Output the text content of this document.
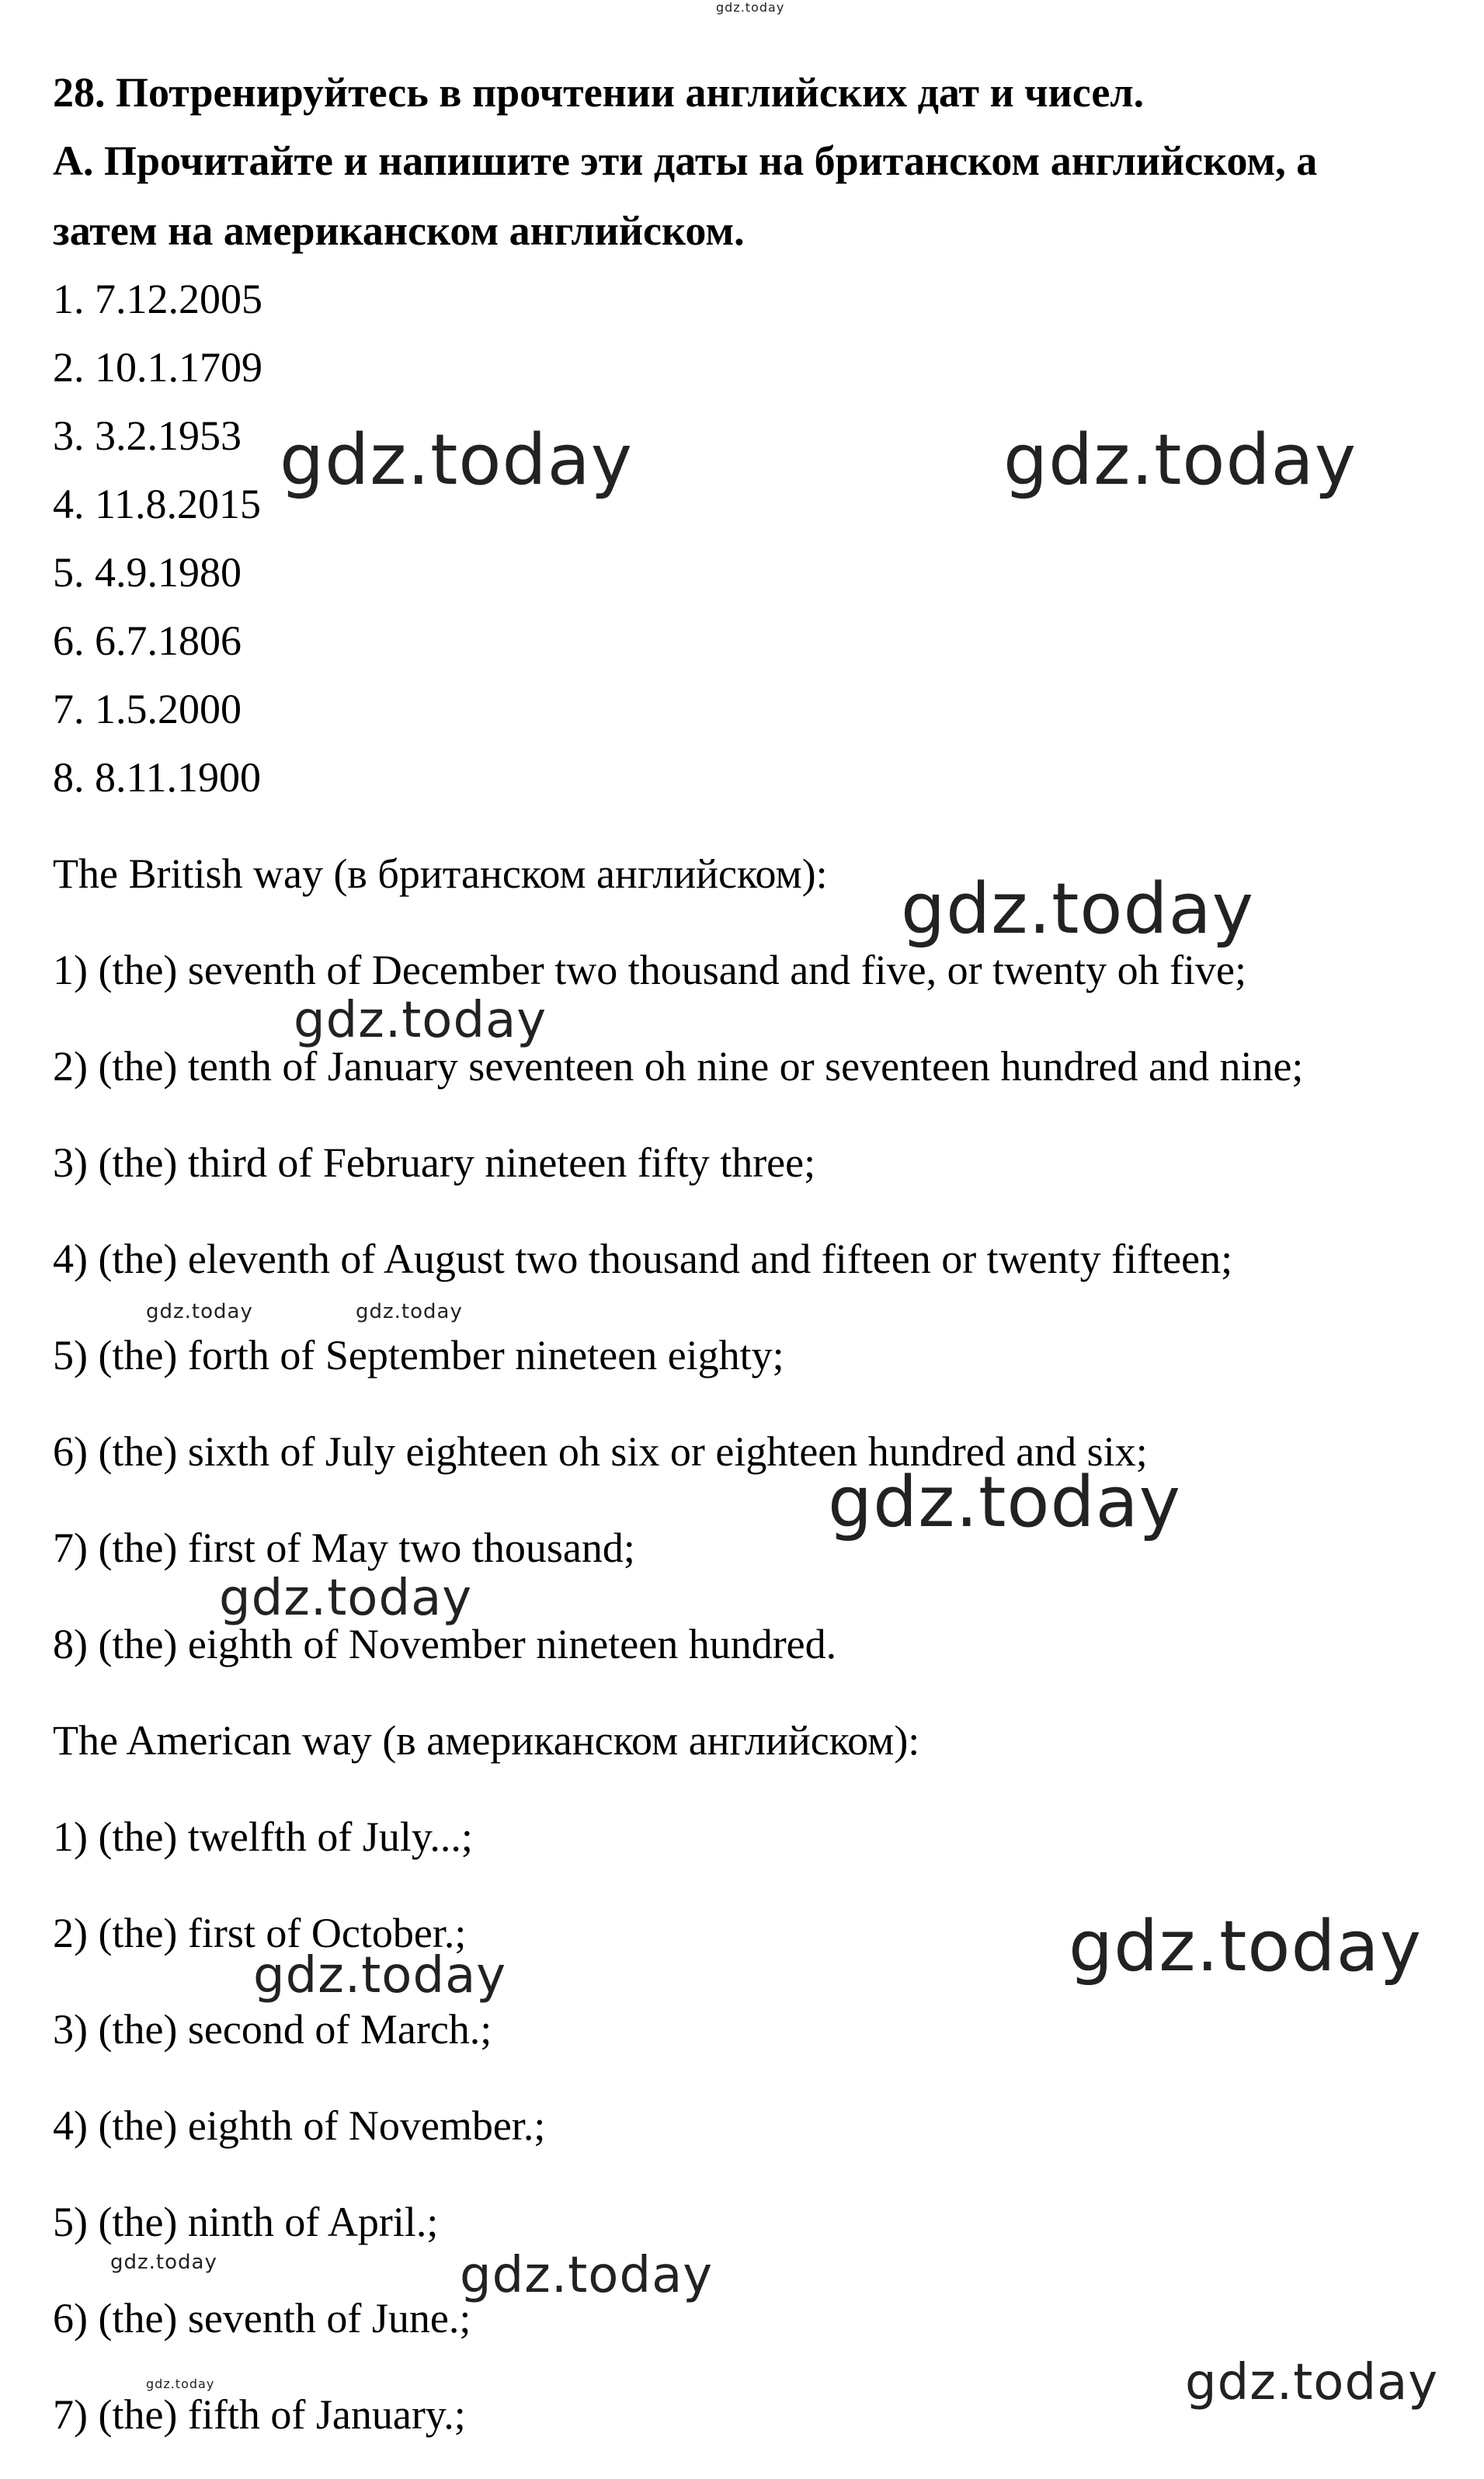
gdz.today
28. Потренируйтесь в прочтении английских дат и чисел.
А. Прочитайте и напишите эти даты на британском английском, а
затем на американском английском.
1. 7.12.2005
2. 10.1.1709
3. 3.2.1953
4. 11.8.2015
5. 4.9.1980
6. 6.7.1806
7. 1.5.2000
8. 8.11.1900
The British way (в британском английском):
1) (the) seventh of December two thousand and five, or twenty oh five;
2) (the) tenth of January seventeen oh nine or seventeen hundred and nine;
3) (the) third of February nineteen fifty three;
4) (the) eleventh of August two thousand and fifteen or twenty fifteen;
5) (the) forth of September nineteen eighty;
6) (the) sixth of July eighteen oh six or eighteen hundred and six;
7) (the) first of May two thousand;
8) (the) eighth of November nineteen hundred.
The American way (в американском английском):
1) (the) twelfth of July...;
2) (the) first of October.;
3) (the) second of March.;
4) (the) eighth of November.;
5) (the) ninth of April.;
6) (the) seventh of June.;
7) (the) fifth of January.;
gdz.today	gdz.today
gdz.today
gdz.today
gdz.today	gdz.today
gdz.today
gdz.today
gdz.today
gdz.today
gdz.today	gdz.today
gdz.today
gdz.today
